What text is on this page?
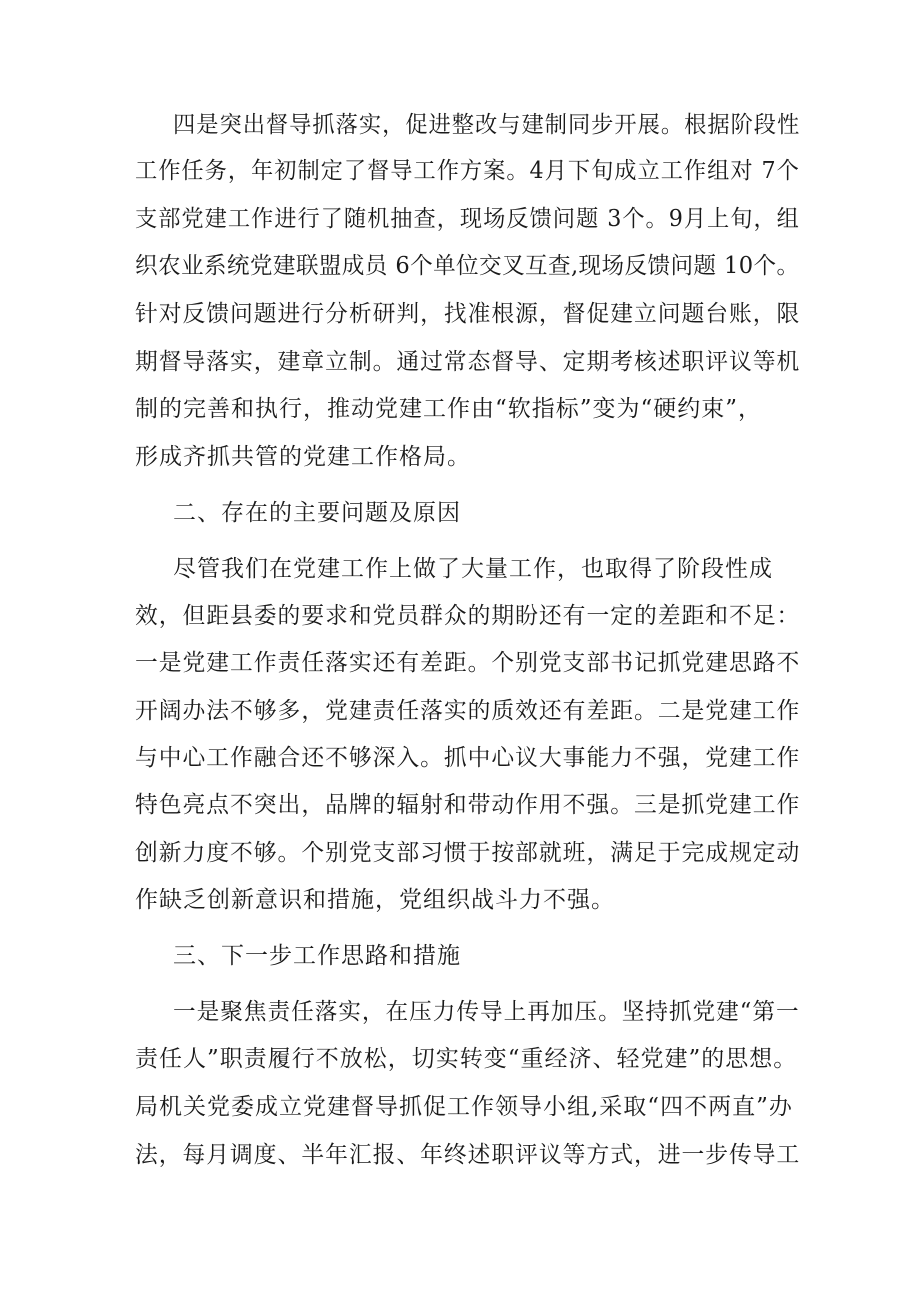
四是突出督导抓落实，促进整改与建制同步开展。根据阶段性
工作任务，年初制定了督导工作方案。4月下旬成立工作组对 7个
支部党建工作进行了随机抽查，现场反馈问题 3个。9月上旬，组
织农业系统党建联盟成员 6个单位交叉互查,现场反馈问题 10个。
针对反馈问题进行分析研判，找准根源，督促建立问题台账，限
期督导落实，建章立制。通过常态督导、定期考核述职评议等机
制的完善和执行，推动党建工作由“软指标”变为“硬约束”，
形成齐抓共管的党建工作格局。
二、存在的主要问题及原因
尽管我们在党建工作上做了大量工作，也取得了阶段性成
效，但距县委的要求和党员群众的期盼还有一定的差距和不足：
一是党建工作责任落实还有差距。个别党支部书记抓党建思路不
开阔办法不够多，党建责任落实的质效还有差距。二是党建工作
与中心工作融合还不够深入。抓中心议大事能力不强，党建工作
特色亮点不突出，品牌的辐射和带动作用不强。三是抓党建工作
创新力度不够。个别党支部习惯于按部就班，满足于完成规定动
作缺乏创新意识和措施，党组织战斗力不强。
三、下一步工作思路和措施
一是聚焦责任落实，在压力传导上再加压。坚持抓党建“第一
责任人”职责履行不放松，切实转变“重经济、轻党建”的思想。
局机关党委成立党建督导抓促工作领导小组,采取“四不两直”办
法，每月调度、半年汇报、年终述职评议等方式，进一步传导工
